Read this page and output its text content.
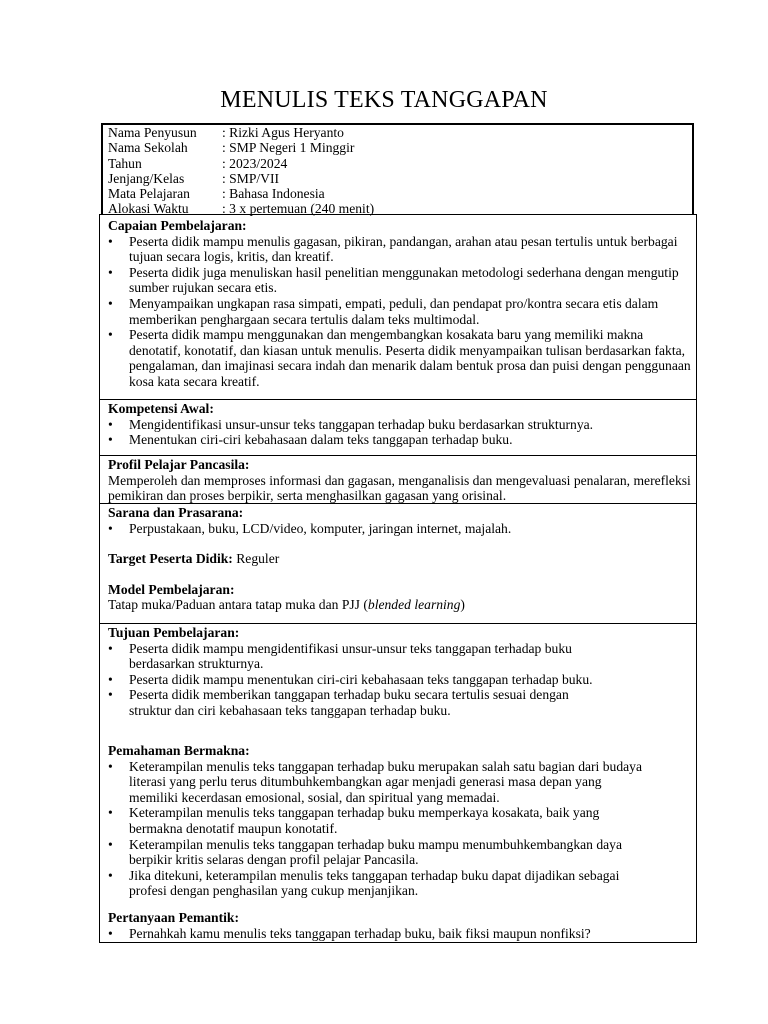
MENULIS TEKS TANGGAPAN
Nama Penyusun	: Rizki Agus Heryanto
Nama Sekolah	: SMP Negeri 1 Minggir
Tahun	: 2023/2024
Jenjang/Kelas	: SMP/VII
Mata Pelajaran	: Bahasa Indonesia
Alokasi Waktu	: 3 x pertemuan (240 menit)
Capaian Pembelajaran:
• Peserta didik mampu menulis gagasan, pikiran, pandangan, arahan atau pesan tertulis untuk berbagai tujuan secara logis, kritis, dan kreatif.
• Peserta didik juga menuliskan hasil penelitian menggunakan metodologi sederhana dengan mengutip sumber rujukan secara etis.
• Menyampaikan ungkapan rasa simpati, empati, peduli, dan pendapat pro/kontra secara etis dalam memberikan penghargaan secara tertulis dalam teks multimodal.
• Peserta didik mampu menggunakan dan mengembangkan kosakata baru yang memiliki makna denotatif, konotatif, dan kiasan untuk menulis. Peserta didik menyampaikan tulisan berdasarkan fakta, pengalaman, dan imajinasi secara indah dan menarik dalam bentuk prosa dan puisi dengan penggunaan kosa kata secara kreatif.
Kompetensi Awal:
• Mengidentifikasi unsur-unsur teks tanggapan terhadap buku berdasarkan strukturnya.
• Menentukan ciri-ciri kebahasaan dalam teks tanggapan terhadap buku.
Profil Pelajar Pancasila:

Memperoleh dan memproses informasi dan gagasan, menganalisis dan mengevaluasi penalaran, merefleksi pemikiran dan proses berpikir, serta menghasilkan gagasan yang orisinal.

Sarana dan Prasarana:
• Perpustakaan, buku, LCD/video, komputer, jaringan internet, majalah.
Target Peserta Didik: Reguler
Model Pembelajaran:
Tatap muka/Paduan antara tatap muka dan PJJ (blended learning)
Tujuan Pembelajaran:
• Peserta didik mampu mengidentifikasi unsur-unsur teks tanggapan terhadap buku berdasarkan strukturnya.
• Peserta didik mampu menentukan ciri-ciri kebahasaan teks tanggapan terhadap buku.
• Peserta didik memberikan tanggapan terhadap buku secara tertulis sesuai dengan struktur dan ciri kebahasaan teks tanggapan terhadap buku.
Pemahaman Bermakna:
• Keterampilan menulis teks tanggapan terhadap buku merupakan salah satu bagian dari budaya literasi yang perlu terus ditumbuhkembangkan agar menjadi generasi masa depan yang memiliki kecerdasan emosional, sosial, dan spiritual yang memadai.
• Keterampilan menulis teks tanggapan terhadap buku memperkaya kosakata, baik yang bermakna denotatif maupun konotatif.
• Keterampilan menulis teks tanggapan terhadap buku mampu menumbuhkembangkan daya berpikir kritis selaras dengan profil pelajar Pancasila.
• Jika ditekuni, keterampilan menulis teks tanggapan terhadap buku dapat dijadikan sebagai profesi dengan penghasilan yang cukup menjanjikan.
Pertanyaan Pemantik:
• Pernahkah kamu menulis teks tanggapan terhadap buku, baik fiksi maupun nonfiksi?
